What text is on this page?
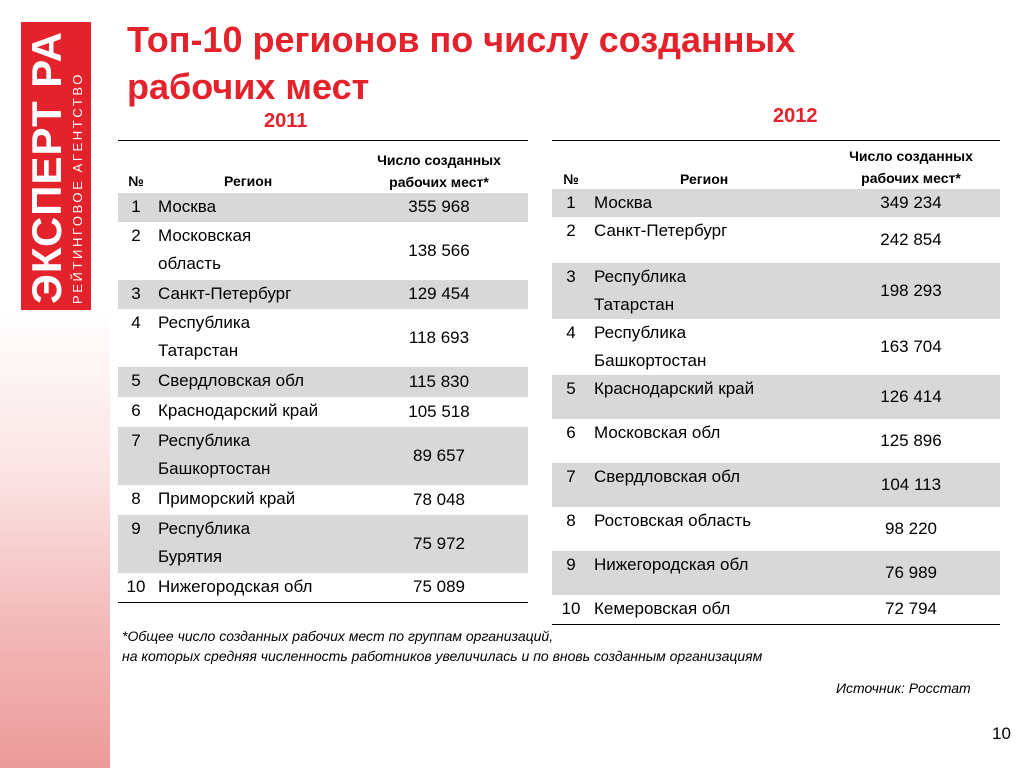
ЭКСПЕРТ РА РЕЙТИНГОВОЕ АГЕНТСТВО
Топ-10 регионов по числу созданных
рабочих мест
2011	2012
№	Регион	Число созданных
рабочих мест*
1	Москва	355 968
2	Московская
область	138 566
3	Санкт-Петербург	129 454
4	Республика
Татарстан	118 693
5	Свердловская обл	115 830
6	Краснодарский край	105 518
7	Республика
Башкортостан	89 657
8	Приморский край	78 048
9	Республика
Бурятия	75 972
10	Нижегородская обл	75 089
№	Регион	Число созданных
рабочих мест*
1	Москва	349 234
2	Санкт-Петербург	242 854
3	Республика
Татарстан	198 293
4	Республика
Башкортостан	163 704
5	Краснодарский край	126 414
6	Московская обл	125 896
7	Свердловская обл	104 113
8	Ростовская область	98 220
9	Нижегородская обл	76 989
10	Кемеровская обл	72 794
*Общее число созданных рабочих мест по группам организаций,
на которых средняя численность работников увеличилась и по вновь созданным организациям
Источник: Росстат
10
